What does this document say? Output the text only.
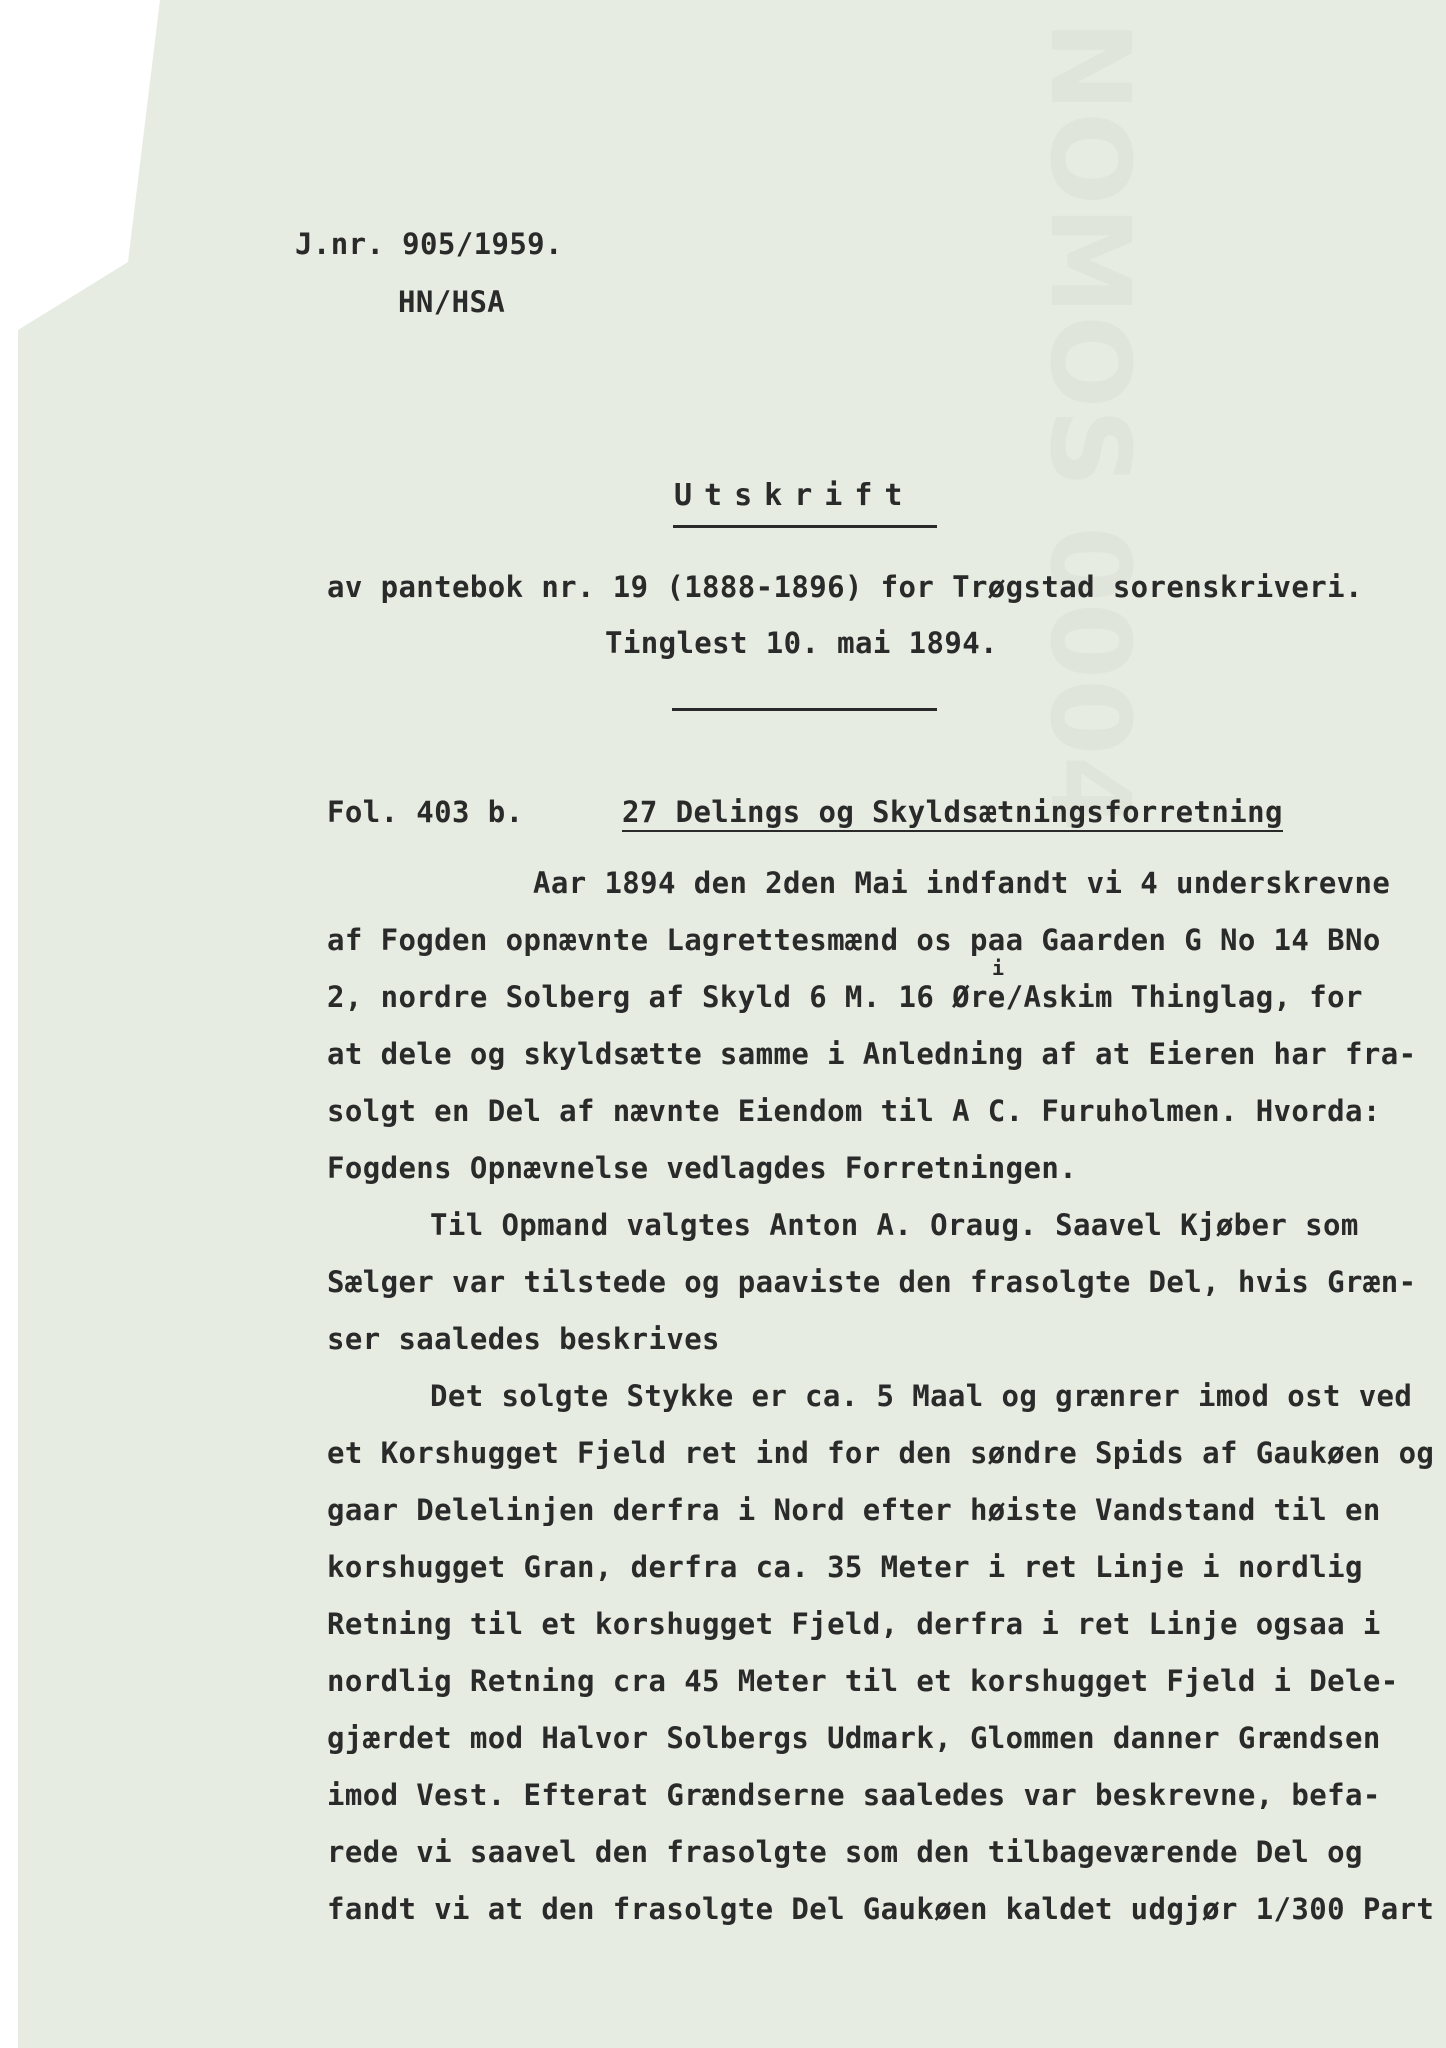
J.nr. 905/1959.
HN/HSA
Utskrift
av pantebok nr. 19 (1888-1896) for Trøgstad sorenskriveri.
Tinglest 10. mai 1894.
Fol. 403 b.	27 Delings og Skyldsætningsforretning
Aar 1894 den 2den Mai indfandt vi 4 underskrevne
af Fogden opnævnte Lagrettesmænd os paa Gaarden G No 14 BNo
2, nordre Solberg af Skyld 6 M. 16 Øre/Askim Thinglag, for
i
at dele og skyldsætte samme i Anledning af at Eieren har fra-
solgt en Del af nævnte Eiendom til A C. Furuholmen. Hvorda:
Fogdens Opnævnelse vedlagdes Forretningen.
Til Opmand valgtes Anton A. Oraug. Saavel Kjøber som
Sælger var tilstede og paaviste den frasolgte Del, hvis Græn-
ser saaledes beskrives
Det solgte Stykke er ca. 5 Maal og grænrer imod ost ved
et Korshugget Fjeld ret ind for den søndre Spids af Gaukøen og
gaar Delelinjen derfra i Nord efter høiste Vandstand til en
korshugget Gran, derfra ca. 35 Meter i ret Linje i nordlig
Retning til et korshugget Fjeld, derfra i ret Linje ogsaa i
nordlig Retning cra 45 Meter til et korshugget Fjeld i Dele-
gjærdet mod Halvor Solbergs Udmark, Glommen danner Grændsen
imod Vest. Efterat Grændserne saaledes var beskrevne, befa-
rede vi saavel den frasolgte som den tilbageværende Del og
fandt vi at den frasolgte Del Gaukøen kaldet udgjør 1/300 Part
